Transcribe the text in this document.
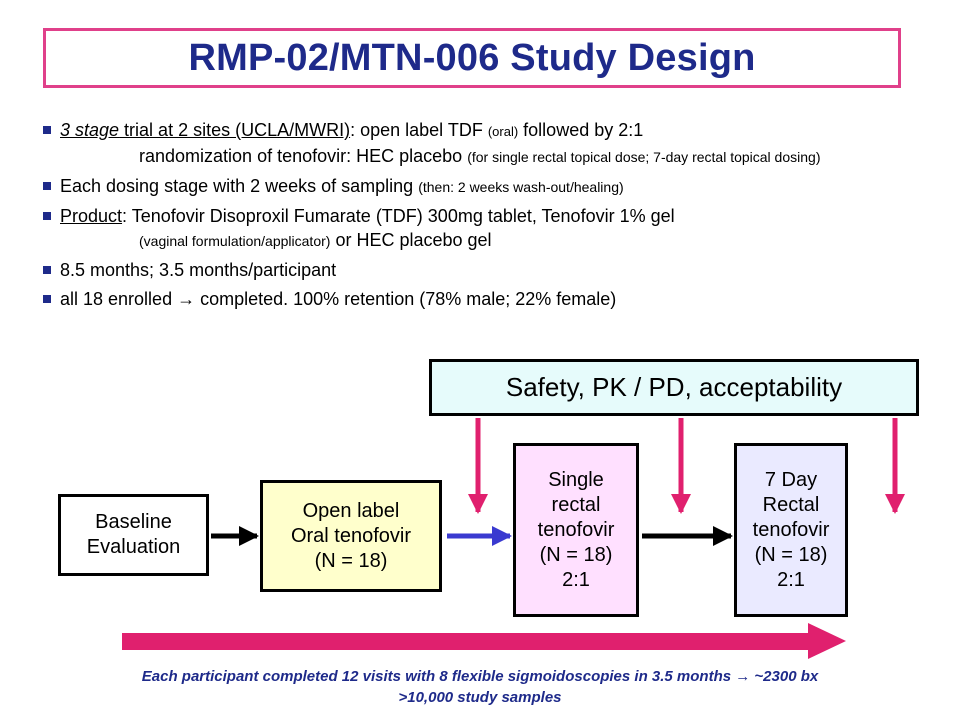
RMP-02/MTN-006 Study Design
3 stage trial at 2 sites (UCLA/MWRI): open label TDF (oral) followed by 2:1
randomization of tenofovir: HEC placebo (for single rectal topical dose; 7-day rectal topical dosing)
Each dosing stage with 2 weeks of sampling (then: 2 weeks wash-out/healing)
Product: Tenofovir Disoproxil Fumarate (TDF) 300mg tablet, Tenofovir 1% gel
(vaginal formulation/applicator) or HEC placebo gel
8.5 months; 3.5 months/participant
all 18 enrolled → completed. 100% retention (78% male; 22% female)
Safety, PK / PD, acceptability
Baseline
Evaluation
Open label
Oral tenofovir
(N = 18)
Single
rectal
tenofovir
(N = 18)
2:1
7 Day
Rectal
tenofovir
(N = 18)
2:1
Each participant completed 12 visits with 8 flexible sigmoidoscopies in 3.5 months → ~2300 bx
>10,000 study samples
